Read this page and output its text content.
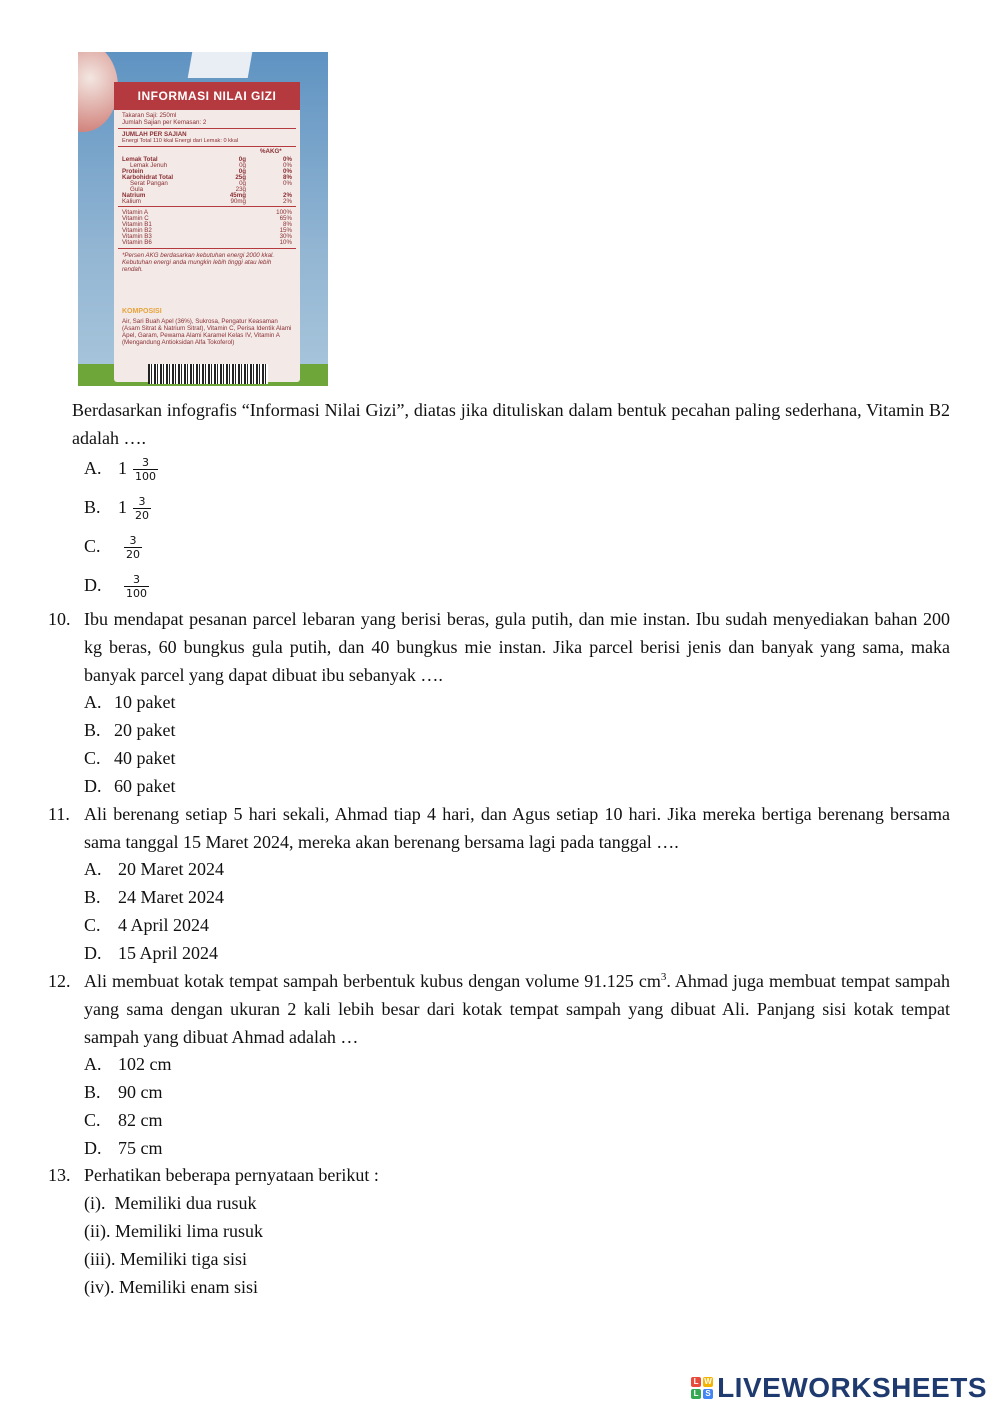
INFORMASI NILAI GIZI
Takaran Saji: 250ml
Jumlah Sajian per Kemasan: 2
JUMLAH PER SAJIAN
Energi Total 110 kkal Energi dari Lemak: 0 kkal
%AKG*
Lemak Total	0g	0%
Lemak Jenuh	0g	0%
Protein	0g	0%
Karbohidrat Total	25g	8%
Serat Pangan	0g	0%
Gula	23g
Natrium	45mg	2%
Kalium	90mg	2%
Vitamin A	100%
Vitamin C	65%
Vitamin B1	8%
Vitamin B2	15%
Vitamin B3	30%
Vitamin B6	10%
*Persen AKG berdasarkan kebutuhan energi 2000 kkal. Kebutuhan energi anda mungkin lebih tinggi atau lebih rendah.
KOMPOSISI
Air, Sari Buah Apel (36%), Sukrosa, Pengatur Keasaman (Asam Sitrat & Natrium Sitrat), Vitamin C, Perisa Identik Alami Apel, Garam, Pewarna Alami Karamel Kelas IV, Vitamin A (Mengandung Antioksidan Alfa Tokoferol)
Berdasarkan infografis “Informasi Nilai Gizi”, diatas jika dituliskan dalam bentuk pecahan paling sederhana, Vitamin B2 adalah ….
A. $1 \frac{3}{100}$
B. $1 \frac{3}{20}$
C. $\frac{3}{20}$
D. $\frac{3}{100}$
10. Ibu mendapat pesanan parcel lebaran yang berisi beras, gula putih, dan mie instan. Ibu sudah menyediakan bahan 200 kg beras, 60 bungkus gula putih, dan 40 bungkus mie instan. Jika parcel berisi jenis dan banyak yang sama, maka banyak parcel yang dapat dibuat ibu sebanyak ….
A. 10 paket
B. 20 paket
C. 40 paket
D. 60 paket
11. Ali berenang setiap 5 hari sekali, Ahmad tiap 4 hari, dan Agus setiap 10 hari. Jika mereka bertiga berenang bersama sama tanggal 15 Maret 2024, mereka akan berenang bersama lagi pada tanggal ….
A. 20 Maret 2024
B. 24 Maret 2024
C. 4 April 2024
D. 15 April 2024
12. Ali membuat kotak tempat sampah berbentuk kubus dengan volume 91.125 $cm^3$. Ahmad juga membuat tempat sampah yang sama dengan ukuran 2 kali lebih besar dari kotak tempat sampah yang dibuat Ali. Panjang sisi kotak tempat sampah yang dibuat Ahmad adalah …
A. 102 cm
B. 90 cm
C. 82 cm
D. 75 cm
13. Perhatikan beberapa pernyataan berikut :
(i).  Memiliki dua rusuk
(ii). Memiliki lima rusuk
(iii). Memiliki tiga sisi
(iv). Memiliki enam sisi
L W
L S LIVEWORKSHEETS
